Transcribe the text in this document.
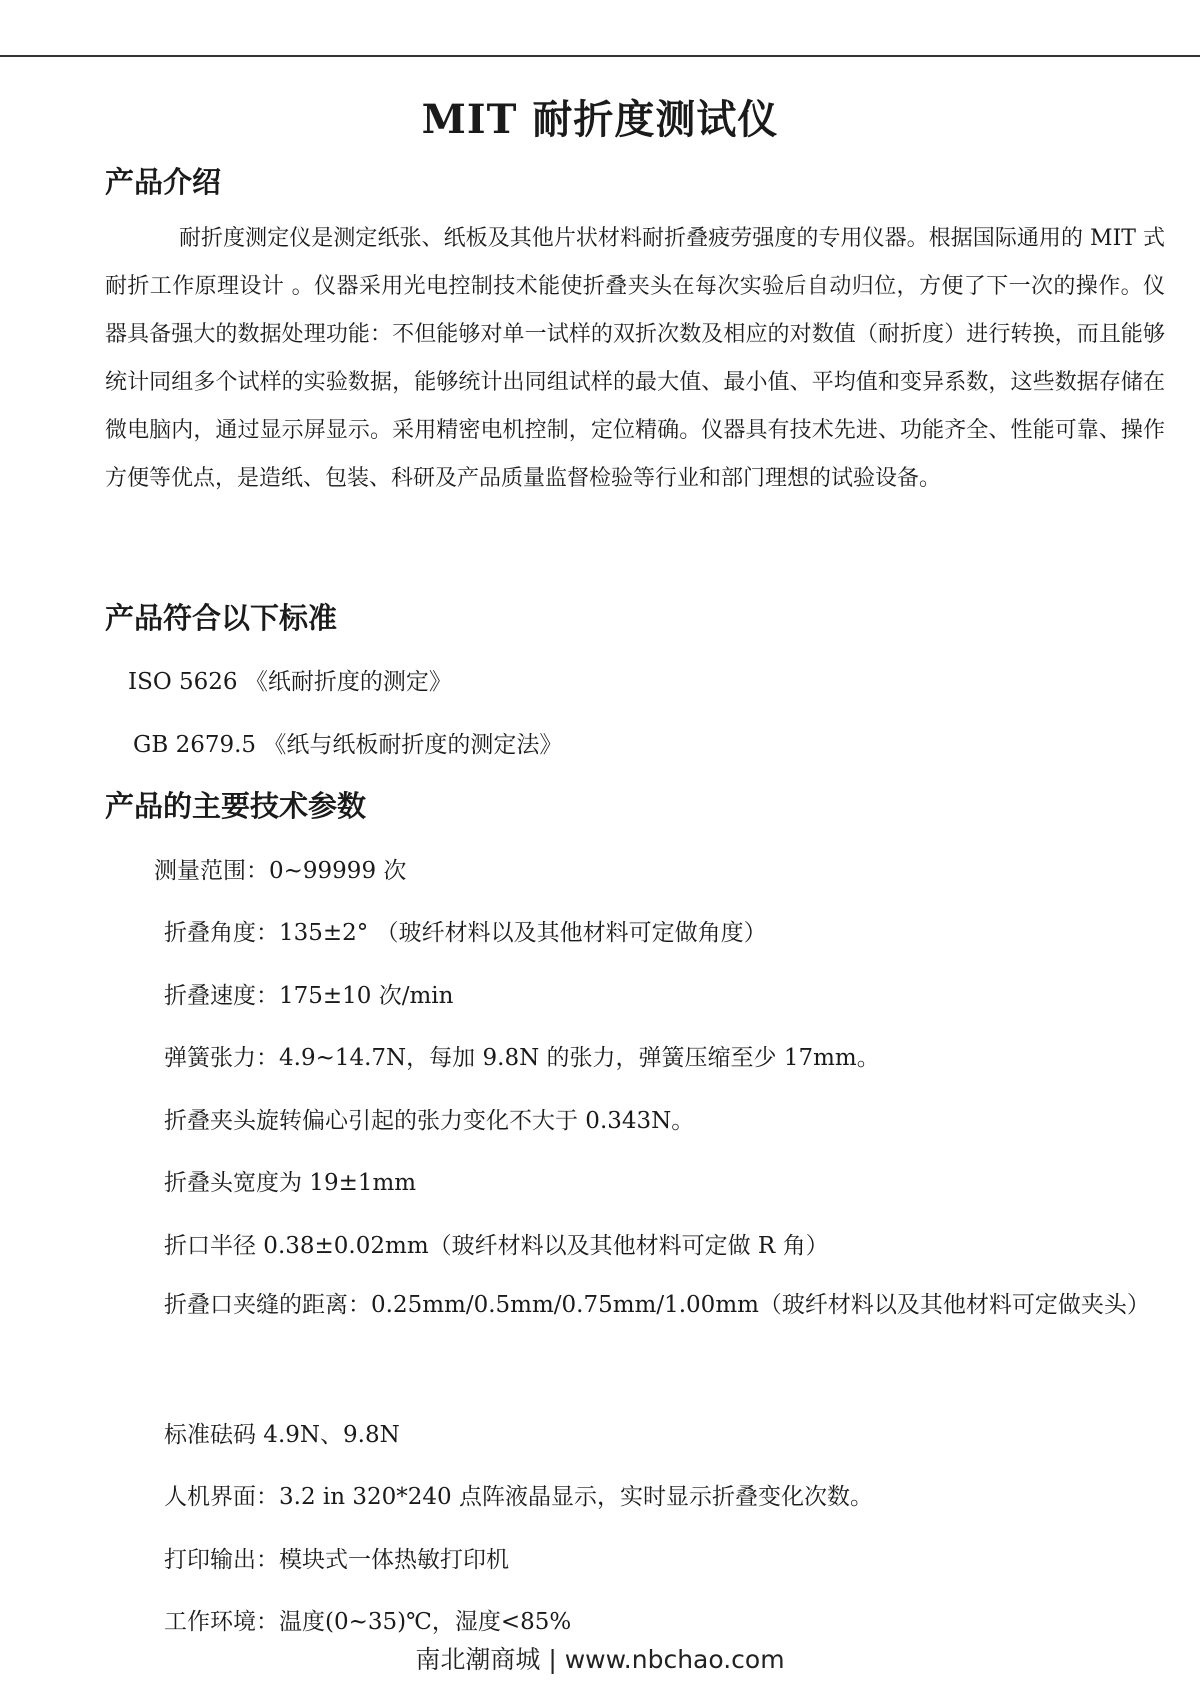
MIT 耐折度测试仪
产品介绍

耐折度测定仪是测定纸张、纸板及其他片状材料耐折叠疲劳强度的专用仪器。根据国际通用的 MIT 式耐折工作原理设计 。仪器采用光电控制技术能使折叠夹头在每次实验后自动归位，方便了下一次的操作。仪器具备强大的数据处理功能：不但能够对单一试样的双折次数及相应的对数值（耐折度）进行转换，而且能够统计同组多个试样的实验数据，能够统计出同组试样的最大值、最小值、平均值和变异系数，这些数据存储在微电脑内，通过显示屏显示。采用精密电机控制，定位精确。仪器具有技术先进、功能齐全、性能可靠、操作方便等优点，是造纸、包装、科研及产品质量监督检验等行业和部门理想的试验设备。

产品符合以下标准
ISO 5626 《纸耐折度的测定》
GB 2679.5 《纸与纸板耐折度的测定法》
产品的主要技术参数
测量范围：0~99999 次
折叠角度：135±2° （玻纤材料以及其他材料可定做角度）
折叠速度：175±10 次/min
弹簧张力：4.9~14.7N，每加 9.8N 的张力，弹簧压缩至少 17mm。
折叠夹头旋转偏心引起的张力变化不大于 0.343N。
折叠头宽度为 19±1mm
折口半径 0.38±0.02mm（玻纤材料以及其他材料可定做 R 角）
折叠口夹缝的距离：0.25mm/0.5mm/0.75mm/1.00mm（玻纤材料以及其他材料可定做夹头）
标准砝码 4.9N、9.8N
人机界面：3.2 in 320*240 点阵液晶显示，实时显示折叠变化次数。
打印输出：模块式一体热敏打印机
工作环境：温度(0~35)℃，湿度<85%
南北潮商城 | www.nbchao.com
